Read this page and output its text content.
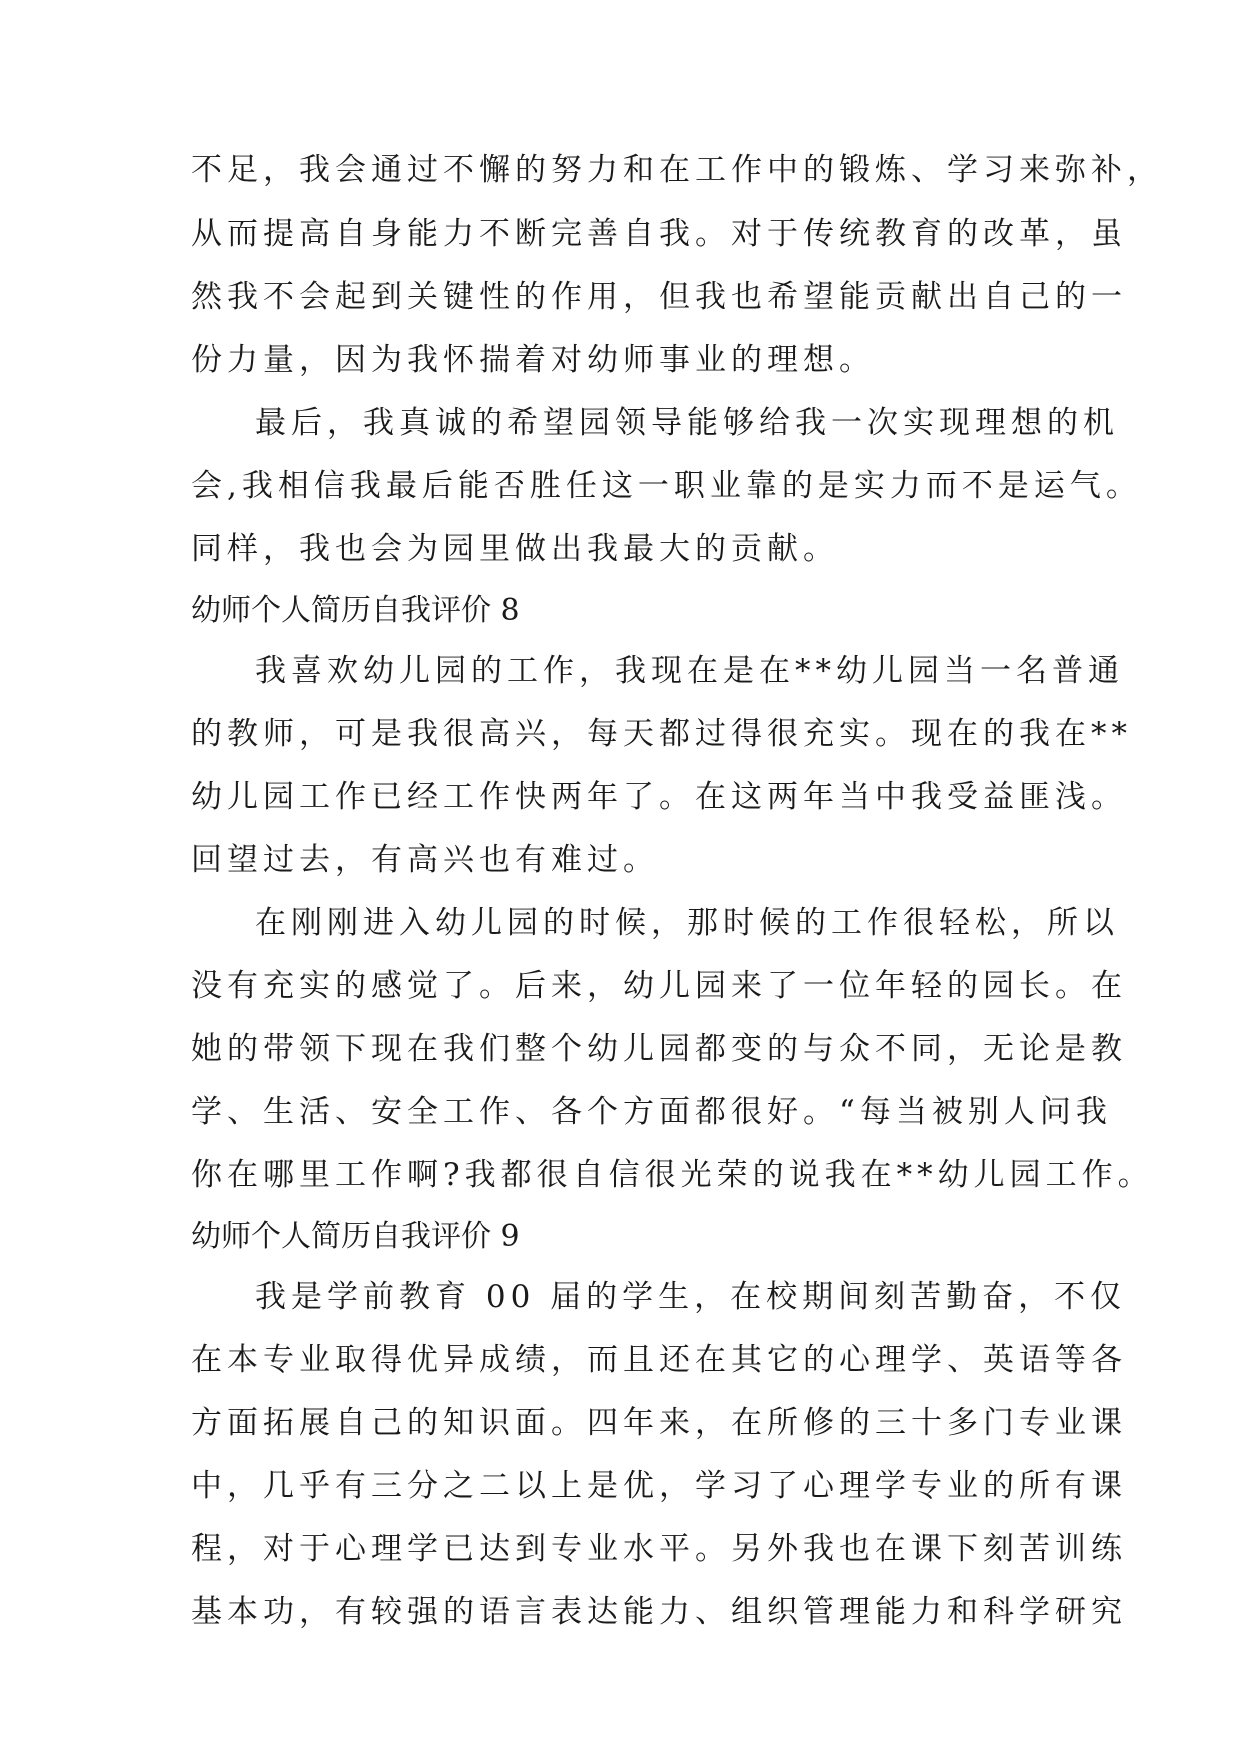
不足，我会通过不懈的努力和在工作中的锻炼、学习来弥补，
从而提高自身能力不断完善自我。对于传统教育的改革，虽
然我不会起到关键性的作用，但我也希望能贡献出自己的一
份力量，因为我怀揣着对幼师事业的理想。
最后，我真诚的希望园领导能够给我一次实现理想的机
会,我相信我最后能否胜任这一职业靠的是实力而不是运气。
同样，我也会为园里做出我最大的贡献。
幼师个人简历自我评价 8
我喜欢幼儿园的工作，我现在是在**幼儿园当一名普通
的教师，可是我很高兴，每天都过得很充实。现在的我在**
幼儿园工作已经工作快两年了。在这两年当中我受益匪浅。
回望过去，有高兴也有难过。
在刚刚进入幼儿园的时候，那时候的工作很轻松，所以
没有充实的感觉了。后来，幼儿园来了一位年轻的园长。在
她的带领下现在我们整个幼儿园都变的与众不同，无论是教
学、生活、安全工作、各个方面都很好。“每当被别人问我
你在哪里工作啊?我都很自信很光荣的说我在**幼儿园工作。
幼师个人简历自我评价 9
我是学前教育 00 届的学生，在校期间刻苦勤奋，不仅
在本专业取得优异成绩，而且还在其它的心理学、英语等各
方面拓展自己的知识面。四年来，在所修的三十多门专业课
中，几乎有三分之二以上是优，学习了心理学专业的所有课
程，对于心理学已达到专业水平。另外我也在课下刻苦训练
基本功，有较强的语言表达能力、组织管理能力和科学研究
